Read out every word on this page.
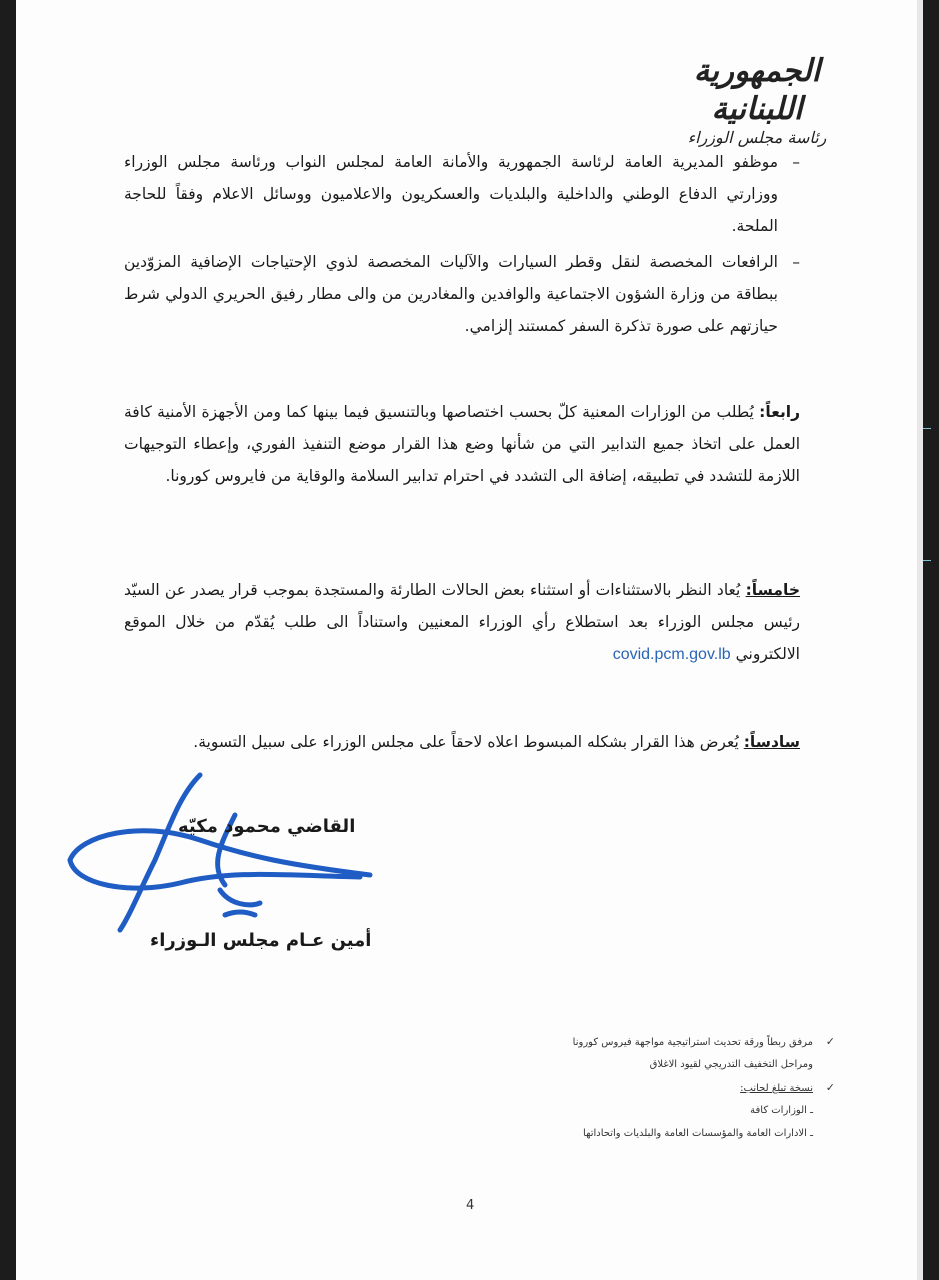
الجمهورية اللبنانية
رئاسة مجلس الوزراء
–
موظفو المديرية العامة لرئاسة الجمهورية والأمانة العامة لمجلس النواب ورئاسة مجلس الوزراء ووزارتي الدفاع الوطني والداخلية والبلديات والعسكريون والاعلاميون ووسائل الاعلام وفقاً للحاجة الملحة.
–
الرافعات المخصصة لنقل وقطر السيارات والآليات المخصصة لذوي الإحتياجات الإضافية المزوّدين ببطاقة من وزارة الشؤون الاجتماعية والوافدين والمغادرين من والى مطار رفيق الحريري الدولي شرط حيازتهم على صورة تذكرة السفر كمستند إلزامي.
رابعاً: يُطلب من الوزارات المعنية كلّ بحسب اختصاصها وبالتنسيق فيما بينها كما ومن الأجهزة الأمنية كافة العمل على اتخاذ جميع التدابير التي من شأنها وضع هذا القرار موضع التنفيذ الفوري، وإعطاء التوجيهات اللازمة للتشدد في تطبيقه، إضافة الى التشدد في احترام تدابير السلامة والوقاية من فايروس كورونا.
خامساً: يُعاد النظر بالاستثناءات أو استثناء بعض الحالات الطارئة والمستجدة بموجب قرار يصدر عن السيّد رئيس مجلس الوزراء بعد استطلاع رأي الوزراء المعنيين واستناداً الى طلب يُقدّم من خلال الموقع الالكتروني covid.pcm.gov.lb
سادساً: يُعرض هذا القرار بشكله المبسوط اعلاه لاحقاً على مجلس الوزراء على سبيل التسوية.
القاضي محمود مكيّه
أمين عـام مجلس الـوزراء
✓مرفق ربطاً ورقة تحديث استراتيجية مواجهة فيروس كورونا
ومراحل التخفيف التدريجي لقيود الاغلاق
✓نسخة تبلغ لجانب:
ـ الوزارات كافة
ـ الادارات العامة والمؤسسات العامة والبلديات واتحاداتها
4
